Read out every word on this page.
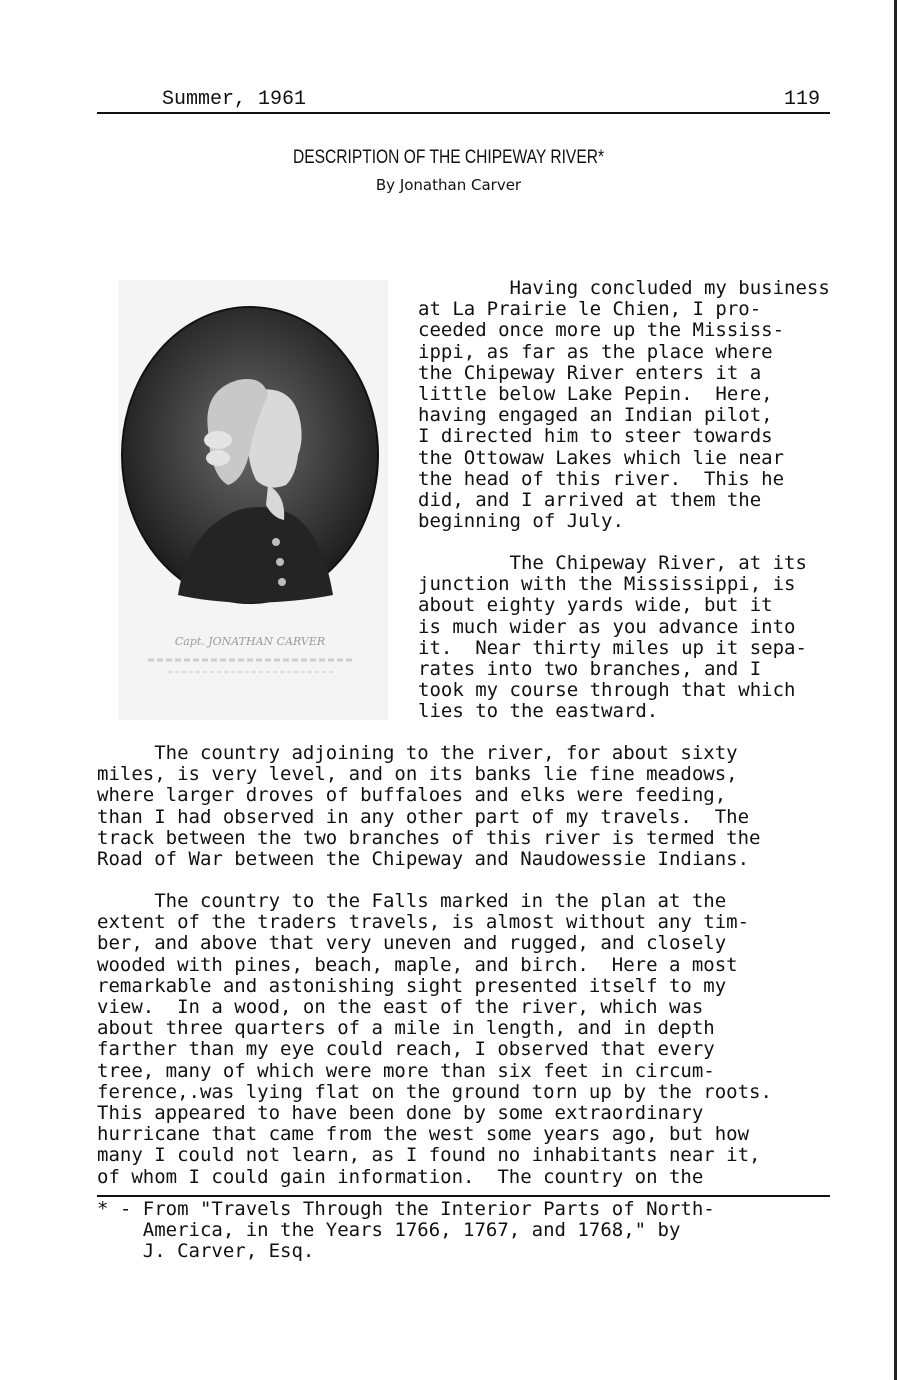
Summer, 1961	119
DESCRIPTION OF THE CHIPEWAY RIVER*
By Jonathan Carver
Capt. JONATHAN CARVER
Having concluded my business
at La Prairie le Chien, I pro-
ceeded once more up the Mississ-
ippi, as far as the place where
the Chipeway River enters it a
little below Lake Pepin.  Here,
having engaged an Indian pilot,
I directed him to steer towards
the Ottowaw Lakes which lie near
the head of this river.  This he
did, and I arrived at them the
beginning of July.
The Chipeway River, at its
junction with the Mississippi, is
about eighty yards wide, but it
is much wider as you advance into
it.  Near thirty miles up it sepa-
rates into two branches, and I
took my course through that which
lies to the eastward.
The country adjoining to the river, for about sixty
miles, is very level, and on its banks lie fine meadows,
where larger droves of buffaloes and elks were feeding,
than I had observed in any other part of my travels.  The
track between the two branches of this river is termed the
Road of War between the Chipeway and Naudowessie Indians.
The country to the Falls marked in the plan at the
extent of the traders travels, is almost without any tim-
ber, and above that very uneven and rugged, and closely
wooded with pines, beach, maple, and birch.  Here a most
remarkable and astonishing sight presented itself to my
view.  In a wood, on the east of the river, which was
about three quarters of a mile in length, and in depth
farther than my eye could reach, I observed that every
tree, many of which were more than six feet in circum-
ference,.was lying flat on the ground torn up by the roots.
This appeared to have been done by some extraordinary
hurricane that came from the west some years ago, but how
many I could not learn, as I found no inhabitants near it,
of whom I could gain information.  The country on the
* - From "Travels Through the Interior Parts of North-
America, in the Years 1766, 1767, and 1768," by
J. Carver, Esq.
